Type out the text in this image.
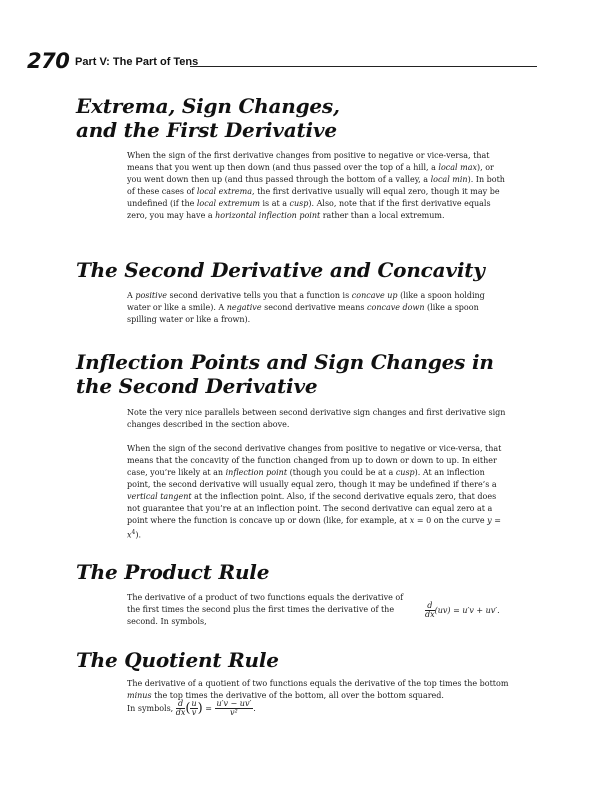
270 Part V: The Part of Tens
Extrema, Sign Changes,
and the First Derivative

When the sign of the first derivative changes from positive to negative or vice-versa, that means that you went up then down (and thus passed over the top of a hill, a local max), or you went down then up (and thus passed through the bottom of a valley, a local min). In both of these cases of local extrema, the first derivative usually will equal zero, though it may be undefined (if the local extremum is at a cusp). Also, note that if the first derivative equals zero, you may have a horizontal inflection point rather than a local extremum.

The Second Derivative and Concavity

A positive second derivative tells you that a function is concave up (like a spoon holding water or like a smile). A negative second derivative means concave down (like a spoon spilling water or like a frown).

Inflection Points and Sign Changes in
the Second Derivative

Note the very nice parallels between second derivative sign changes and first derivative sign changes described in the section above.

When the sign of the second derivative changes from positive to negative or vice-versa, that means that the concavity of the function changed from up to down or down to up. In either case, you’re likely at an inflection point (though you could be at a cusp). At an inflection point, the second derivative will usually equal zero, though it may be undefined if there’s a vertical tangent at the inflection point. Also, if the second derivative equals zero, that does not guarantee that you’re at an inflection point. The second derivative can equal zero at a point where the function is concave up or down (like, for example, at x = 0 on the curve $y = x^4$).

The Product Rule

The derivative of a product of two functions equals the derivative of the first times the second plus the first times the derivative of the second. In symbols,

$\frac{d}{dx} (uv) = u'v + uv'$.
The Quotient Rule

The derivative of a quotient of two functions equals the derivative of the top times the bottom minus the top times the derivative of the bottom, all over the bottom squared.

In symbols, $\frac{d}{dx}$ ( $\frac{u}{v}$ ) = $\frac{u'v - uv'}{\text{v²}}$ .
